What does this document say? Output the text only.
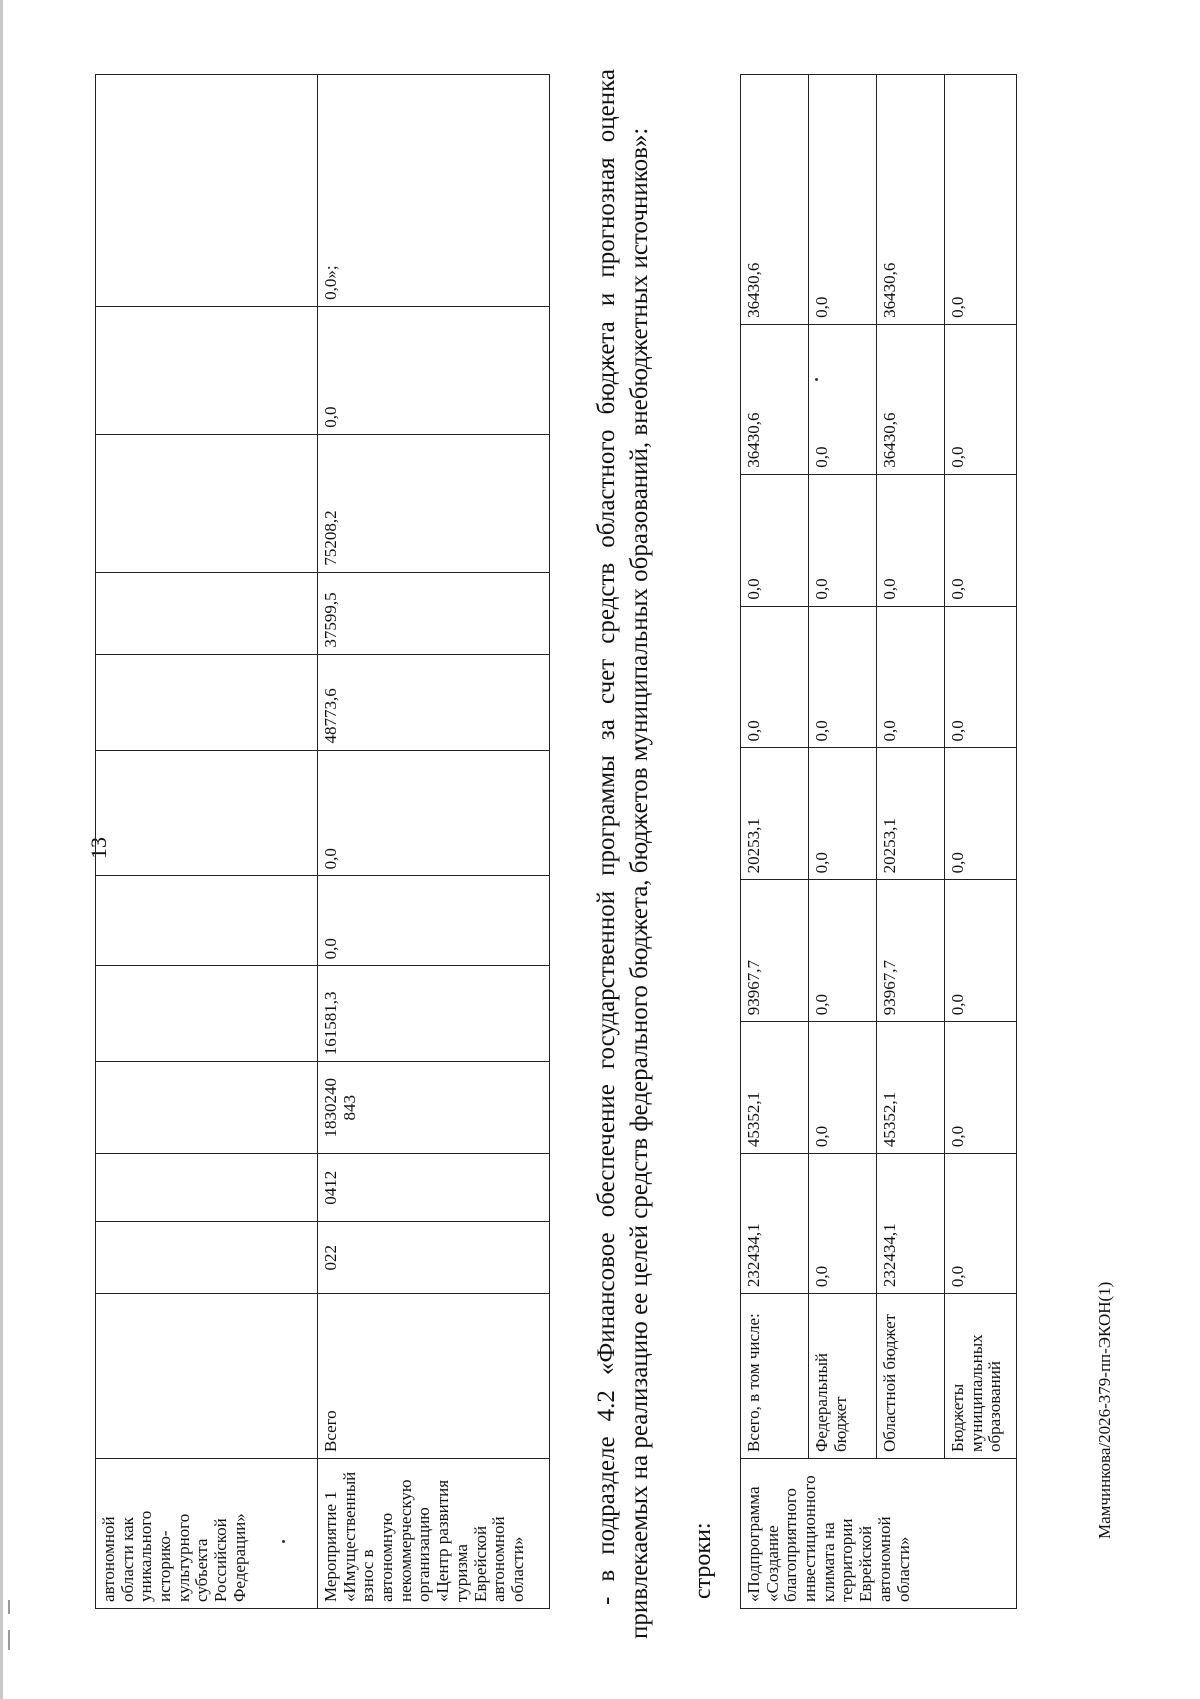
13
автономной области как уникального историко-культурного субъекта Российской Федерации»												
Мероприятие 1 «Имущественный взнос в автономную некоммерческую организацию «Центр развития туризма Еврейской автономной области»	Всего	022	0412	1830240 843	161581,3	0,0	0,0	48773,6	37599,5	75208,2	0,0	0,0»;	- в подразделе 4.2 «Финансовое обеспечение государственной программы за счет средств областного бюджета и прогнозная оценка привлекаемых на реализацию ее целей средств федерального бюджета, бюджетов муниципальных образований, внебюджетных источников»: строки: «Подпрограмма «Создание благоприятного инвестиционного климата на территории Еврейской автономной области»	Всего, в том числе:	232434,1	45352,1	93967,7	20253,1	0,0	0,0	36430,6	36430,6
	Федеральный бюджет	0,0	0,0	0,0	0,0	0,0	0,0	0,0	0,0
	Областной бюджет	232434,1	45352,1	93967,7	20253,1	0,0	0,0	36430,6	36430,6
	Бюджеты муниципальных образований	0,0	0,0	0,0	0,0	0,0	0,0	0,0	0,0
Мамчинкова/2026-379-пп-ЭКОН(1)
